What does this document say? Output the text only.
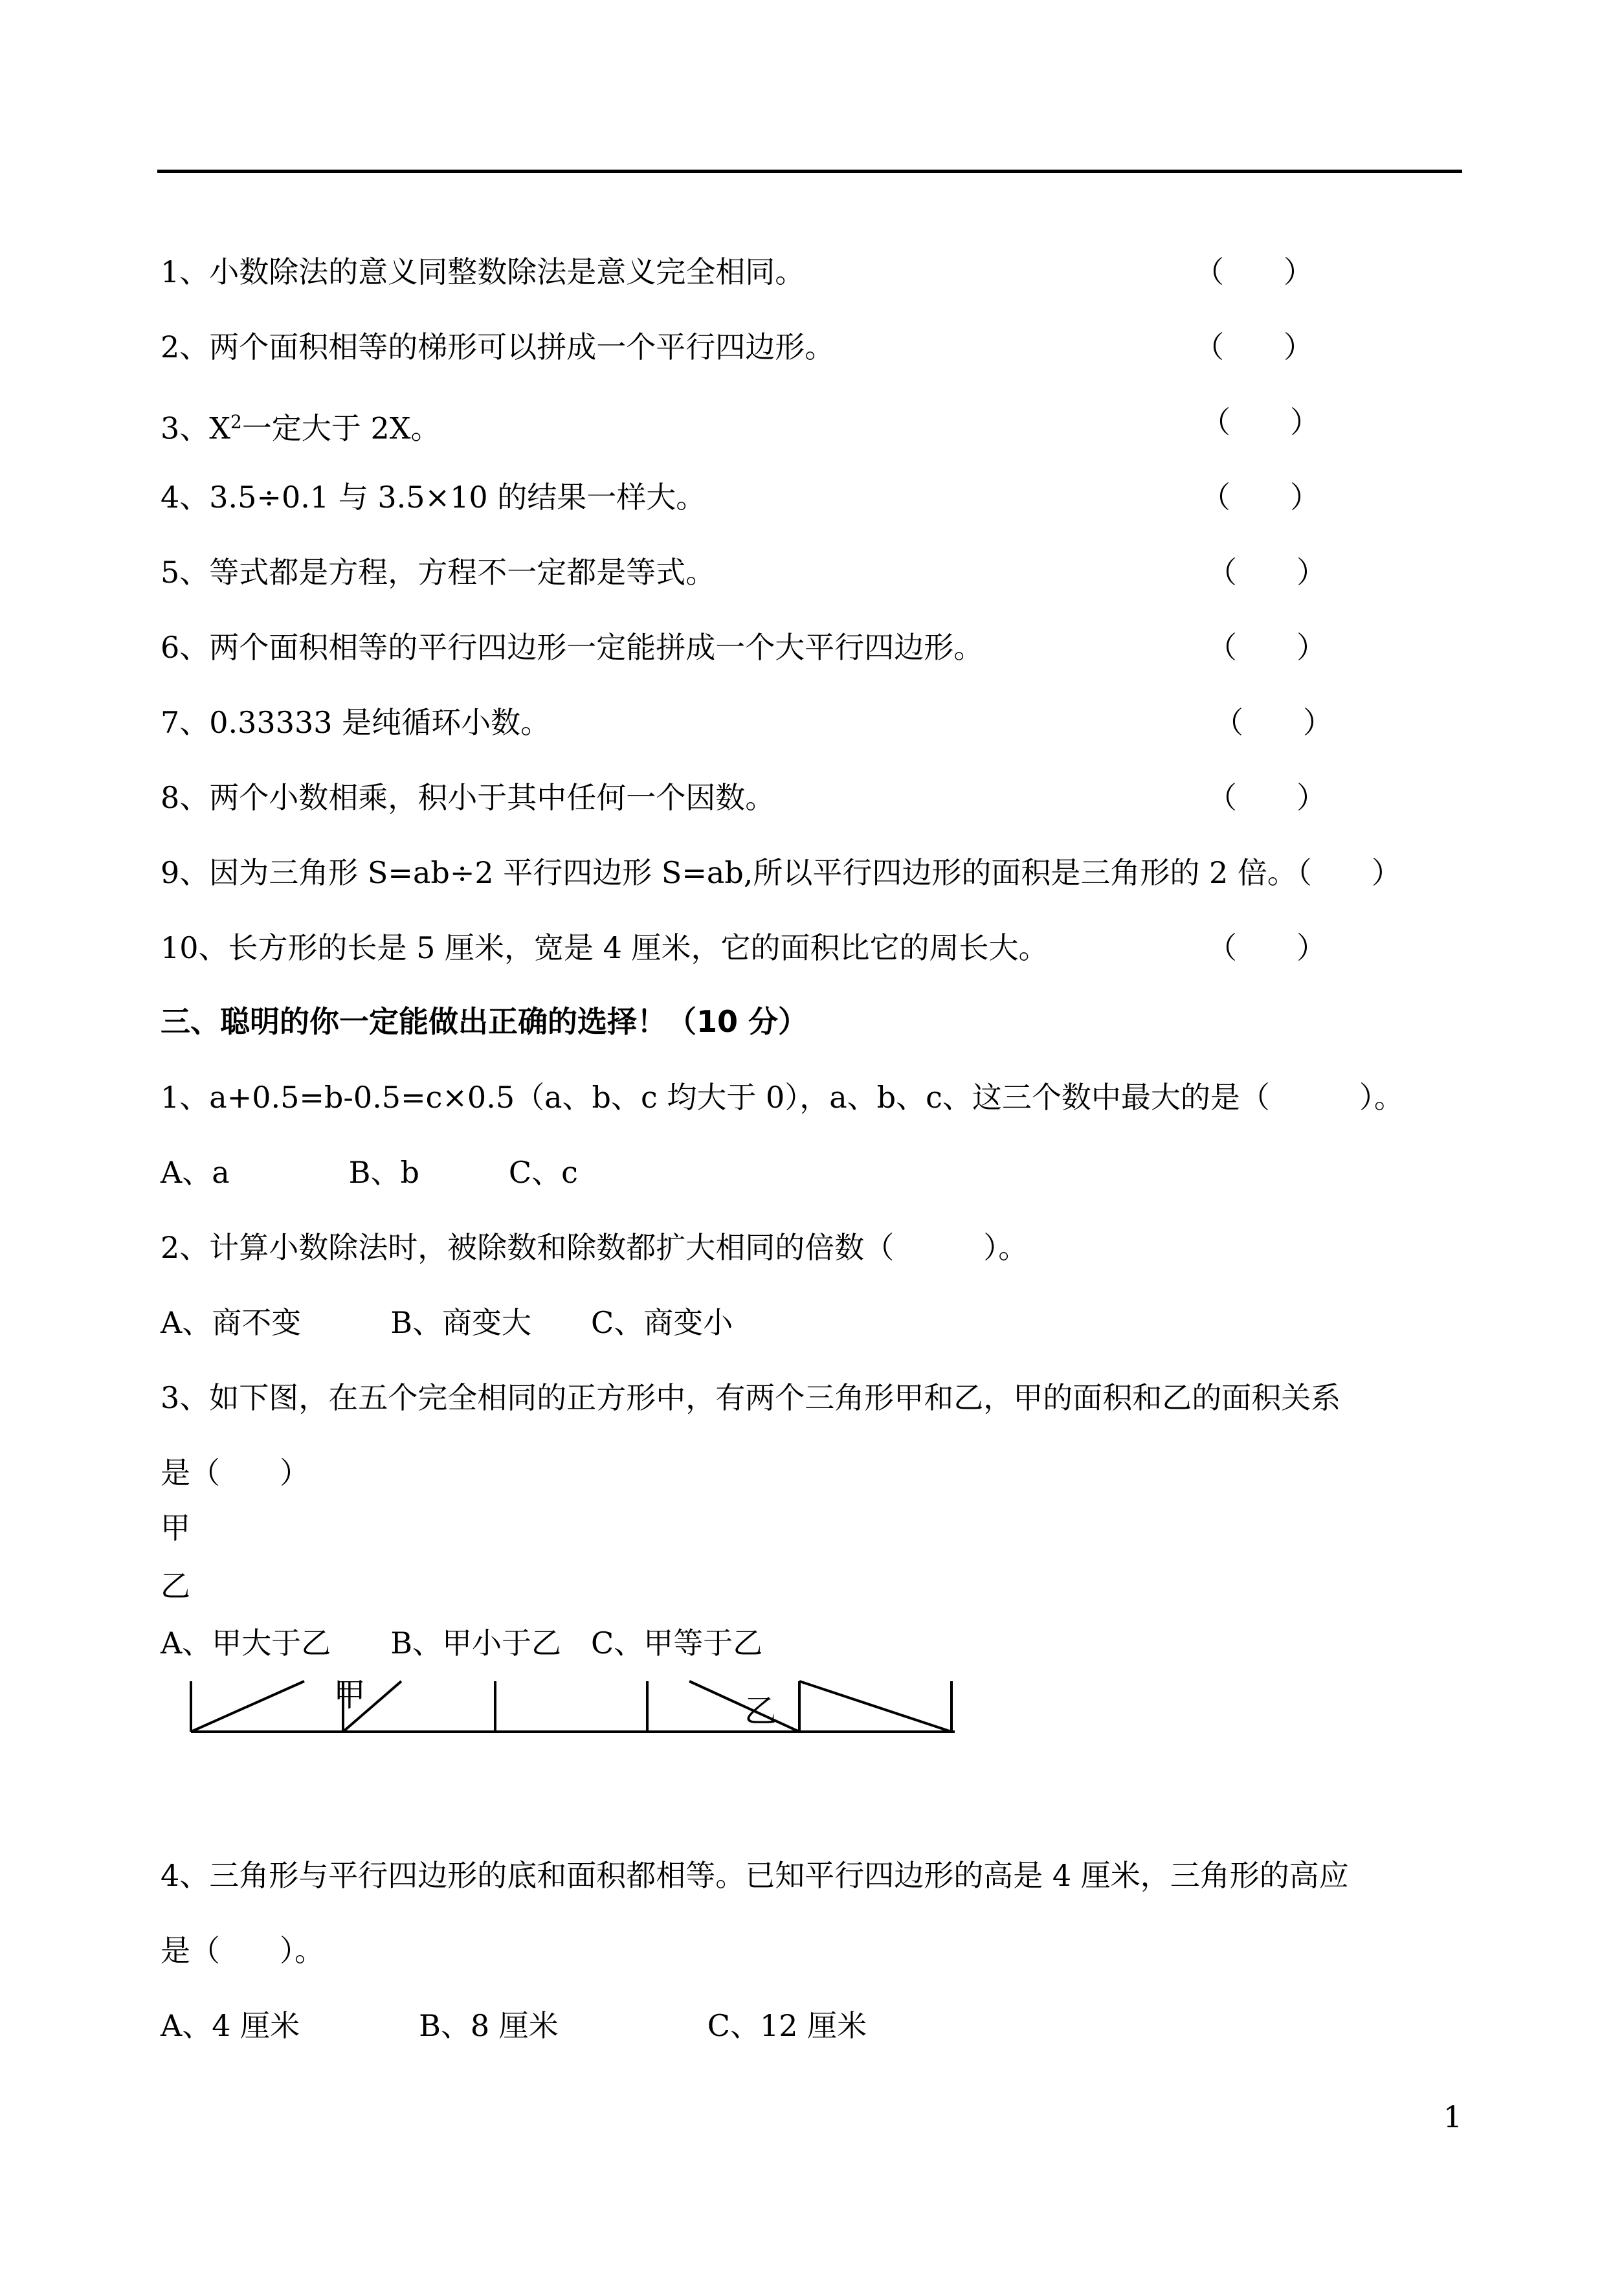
1、小数除法的意义同整数除法是意义完全相同。	（　　）
2、两个面积相等的梯形可以拼成一个平行四边形。	（　　）
3、$X^2$一定大于 2X。	（　　）
4、3.5÷0.1 与 3.5×10 的结果一样大。	（　　）
5、等式都是方程，方程不一定都是等式。	（　　）
6、两个面积相等的平行四边形一定能拼成一个大平行四边形。	（　　）
7、0.33333 是纯循环小数。	（　　）
8、两个小数相乘，积小于其中任何一个因数。	（　　）
9、因为三角形 S=ab÷2 平行四边形 S=ab,所以平行四边形的面积是三角形的 2 倍。（　　）
10、长方形的长是 5 厘米，宽是 4 厘米，它的面积比它的周长大。	（　　）
三、聪明的你一定能做出正确的选择！（10 分）
1、a+0.5=b-0.5=c×0.5（a、b、c 均大于 0），a、b、c、这三个数中最大的是（　　　）。
A、a　　　　B、b　　　C、c
2、计算小数除法时，被除数和除数都扩大相同的倍数（　　　）。
A、商不变　　　B、商变大　　C、商变小
3、如下图，在五个完全相同的正方形中，有两个三角形甲和乙，甲的面积和乙的面积关系
是（　　）
甲
乙
A、甲大于乙　　B、甲小于乙　C、甲等于乙
甲	乙
4、三角形与平行四边形的底和面积都相等。已知平行四边形的高是 4 厘米，三角形的高应
是（　　）。
A、4 厘米　　　　B、8 厘米　　　　　C、12 厘米
1
